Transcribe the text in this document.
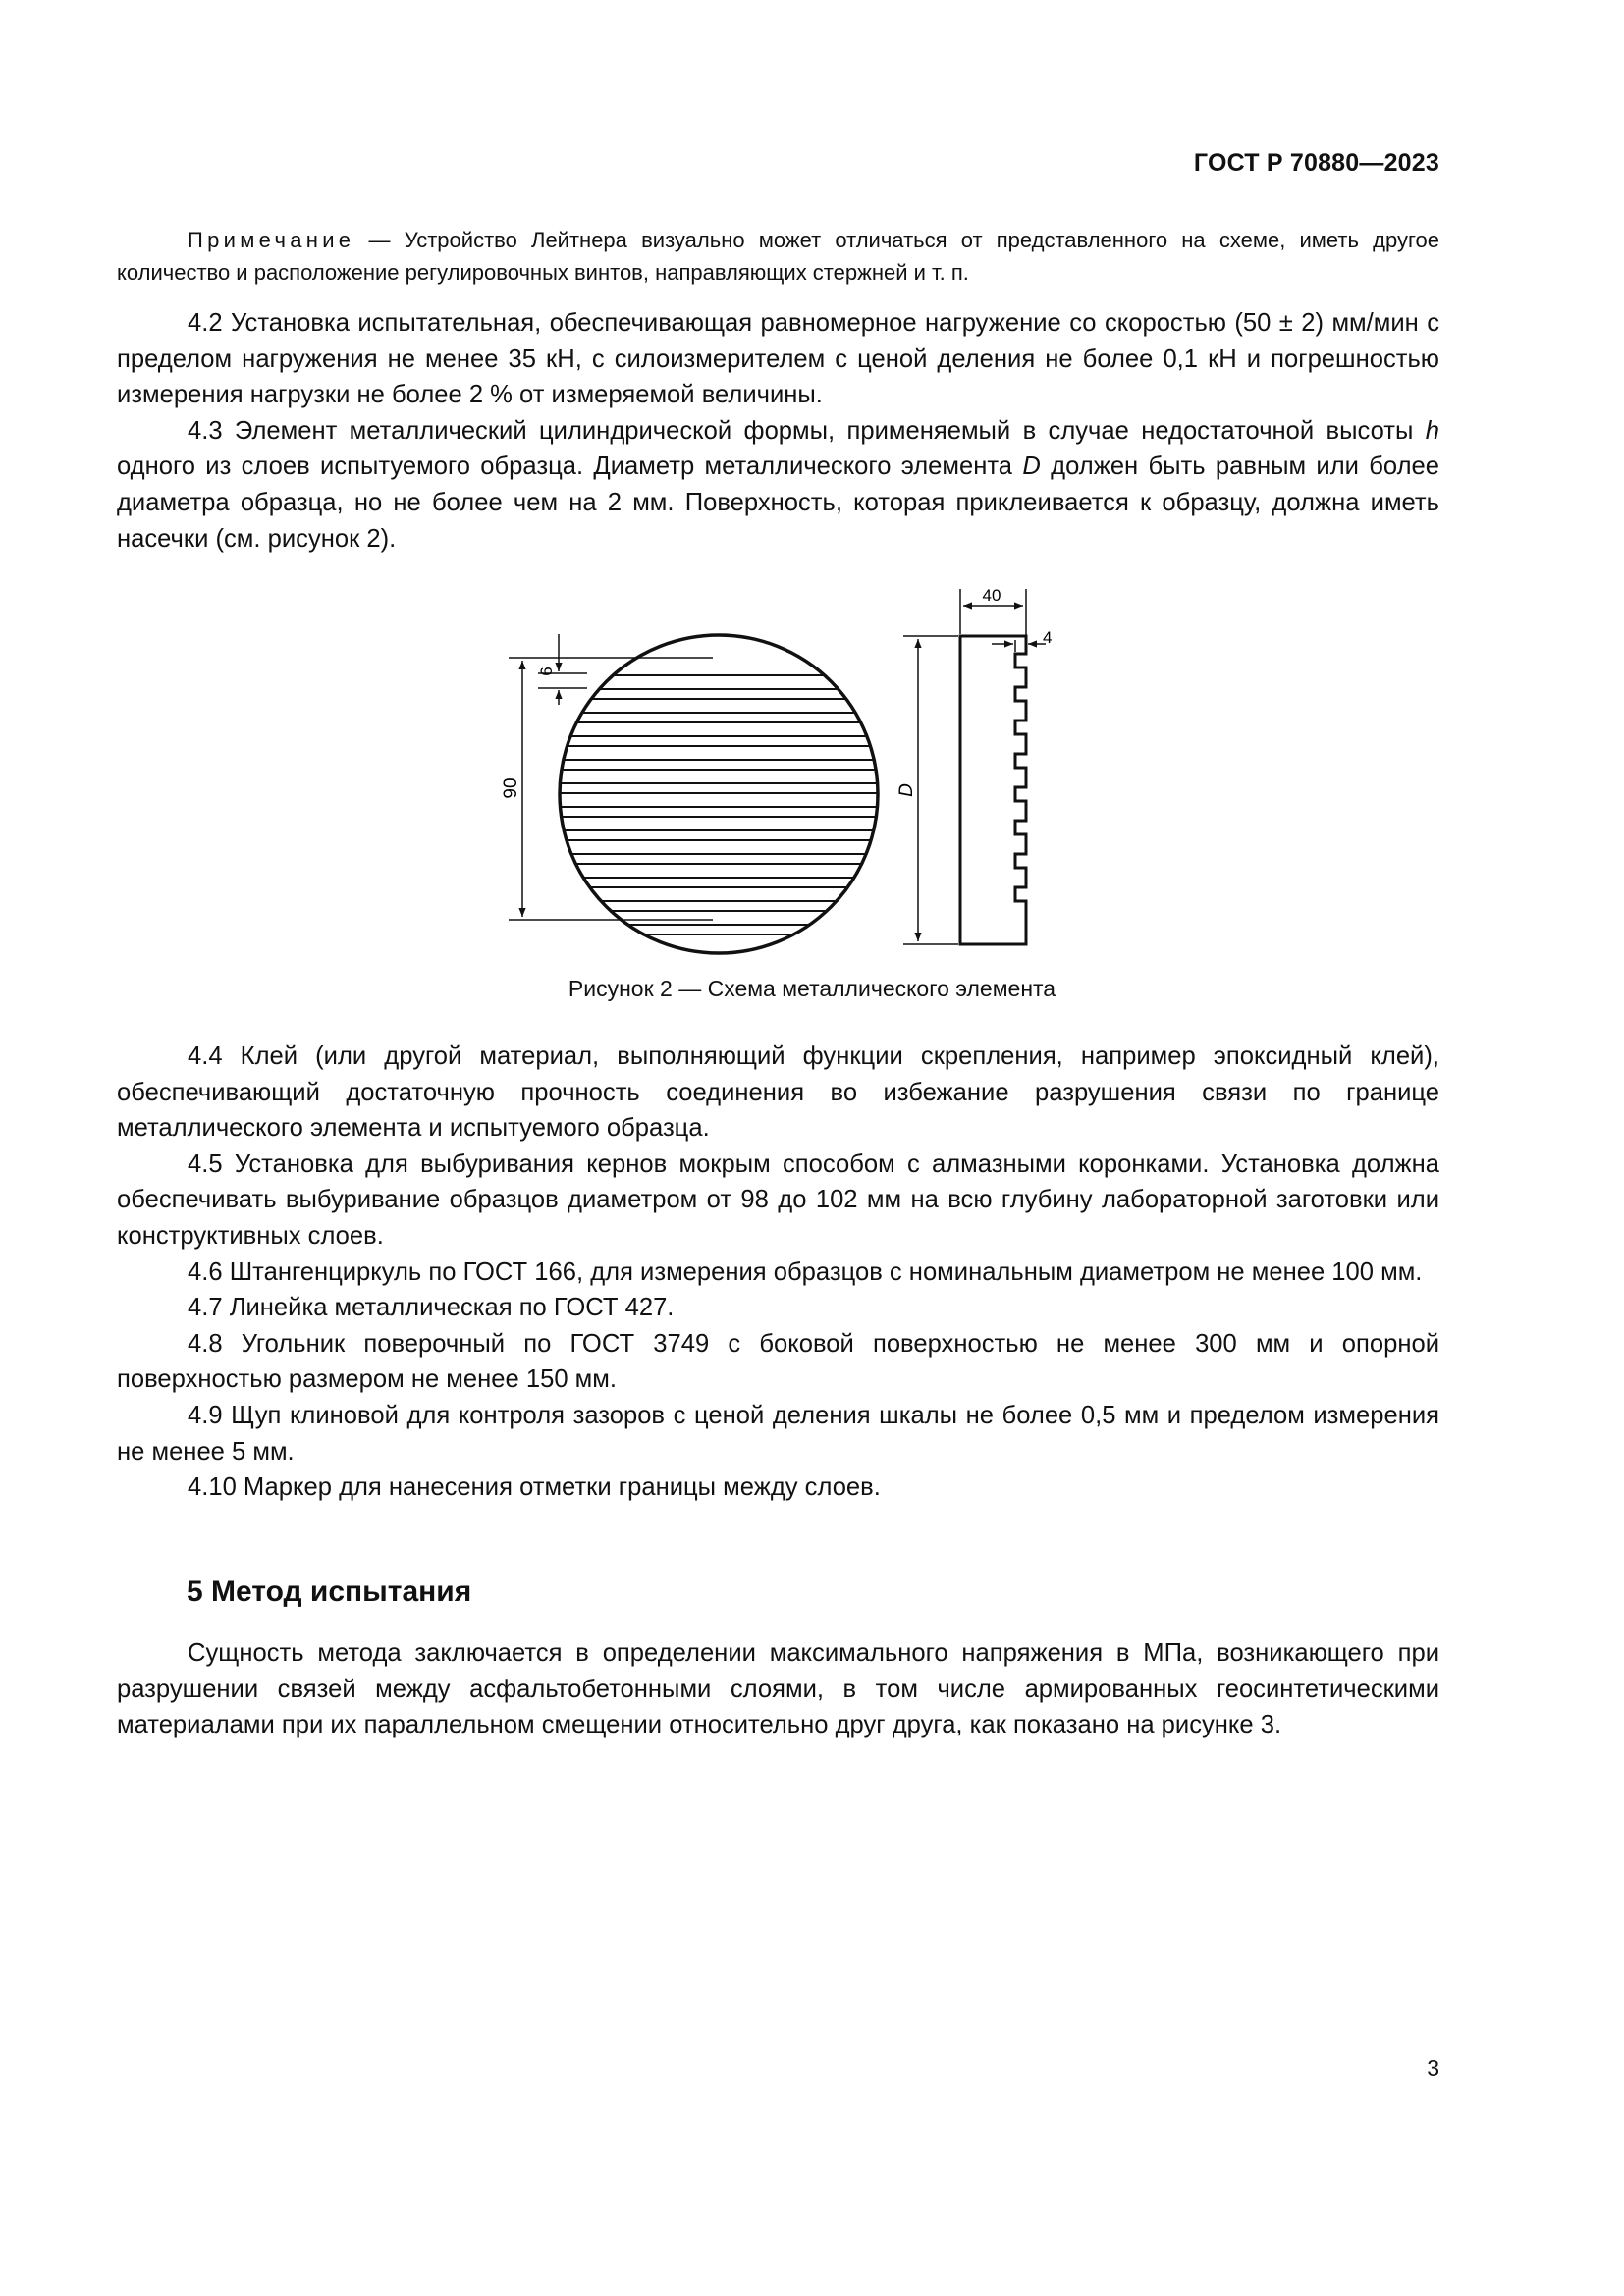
ГОСТ Р 70880—2023

Примечание — Устройство Лейтнера визуально может отличаться от представленного на схеме, иметь другое количество и расположение регулировочных винтов, направляющих стержней и т. п.

4.2 Установка испытательная, обеспечивающая равномерное нагружение со скоростью (50 ± 2) мм/мин с пределом нагружения не менее 35 кН, с силоизмерителем с ценой деления не более 0,1 кН и погрешностью измерения нагрузки не более 2 % от измеряемой величины.

4.3 Элемент металлический цилиндрической формы, применяемый в случае недостаточной высоты h одного из слоев испытуемого образца. Диаметр металлического элемента D должен быть равным или более диаметра образца, но не более чем на 2 мм. Поверхность, которая приклеивается к образцу, должна иметь насечки (см. рисунок 2).

90
6
D
40
4
Рисунок 2 — Схема металлического элемента

4.4 Клей (или другой материал, выполняющий функции скрепления, например эпоксидный клей), обеспечивающий достаточную прочность соединения во избежание разрушения связи по границе металлического элемента и испытуемого образца.

4.5 Установка для выбуривания кернов мокрым способом с алмазными коронками. Установка должна обеспечивать выбуривание образцов диаметром от 98 до 102 мм на всю глубину лабораторной заготовки или конструктивных слоев.

4.6 Штангенциркуль по ГОСТ 166, для измерения образцов с номинальным диаметром не менее 100 мм.

4.7 Линейка металлическая по ГОСТ 427.

4.8 Угольник поверочный по ГОСТ 3749 с боковой поверхностью не менее 300 мм и опорной поверхностью размером не менее 150 мм.

4.9 Щуп клиновой для контроля зазоров с ценой деления шкалы не более 0,5 мм и пределом измерения не менее 5 мм.

4.10 Маркер для нанесения отметки границы между слоев.

5 Метод испытания

Сущность метода заключается в определении максимального напряжения в МПа, возникающего при разрушении связей между асфальтобетонными слоями, в том числе армированных геосинтетическими материалами при их параллельном смещении относительно друг друга, как показано на рисунке 3.

3
